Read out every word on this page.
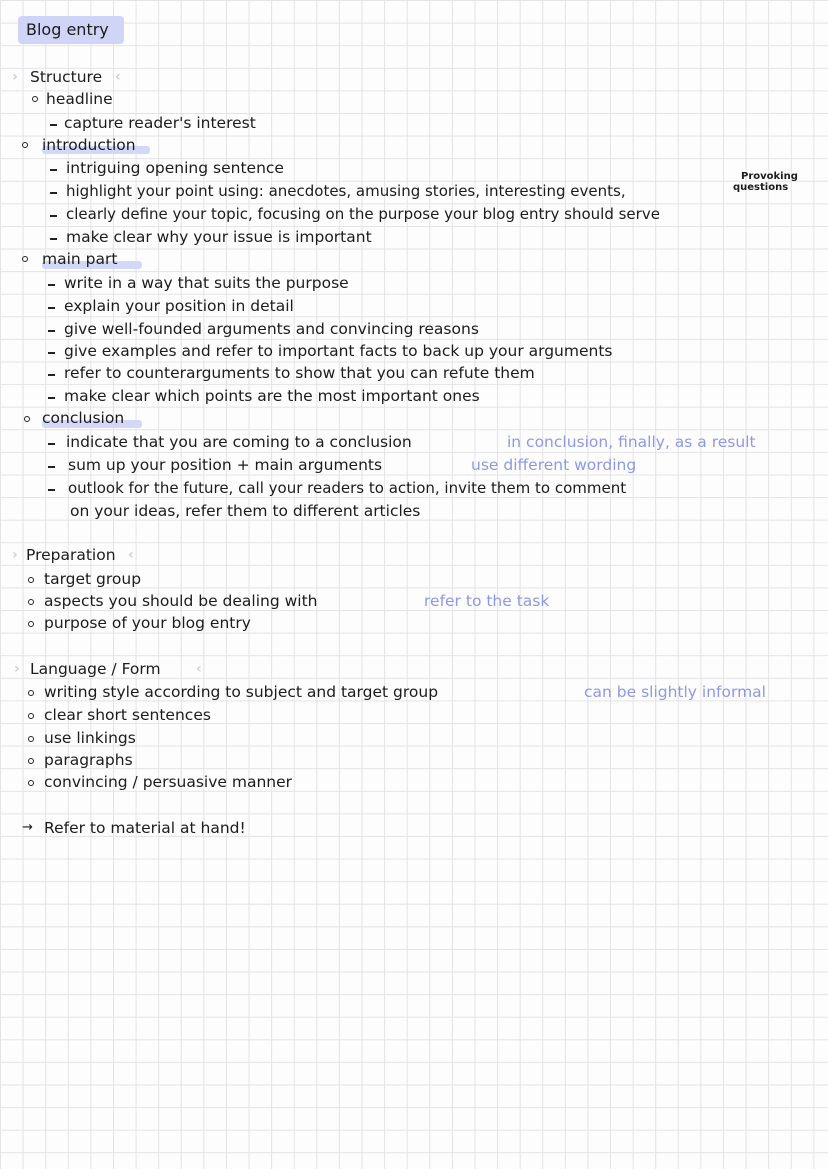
Blog entry
› Structure ‹
headline
capture reader's interest
introduction
intriguing opening sentence
highlight your point using: anecdotes, amusing stories, interesting events,
Provoking
questions
clearly define your topic, focusing on the purpose your blog entry should serve
make clear why your issue is important
main part
write in a way that suits the purpose
explain your position in detail
give well-founded arguments and convincing reasons
give examples and refer to important facts to back up your arguments
refer to counterarguments to show that you can refute them
make clear which points are the most important ones
conclusion
indicate that you are coming to a conclusion	in conclusion, finally, as a result
sum up your position + main arguments	use different wording
outlook for the future, call your readers to action, invite them to comment
on your ideas, refer them to different articles
› Preparation ‹
target group
aspects you should be dealing with	refer to the task
purpose of your blog entry
› Language / Form	‹
writing style according to subject and target group	can be slightly informal
clear short sentences
use linkings
paragraphs
convincing / persuasive manner
→ Refer to material at hand!
